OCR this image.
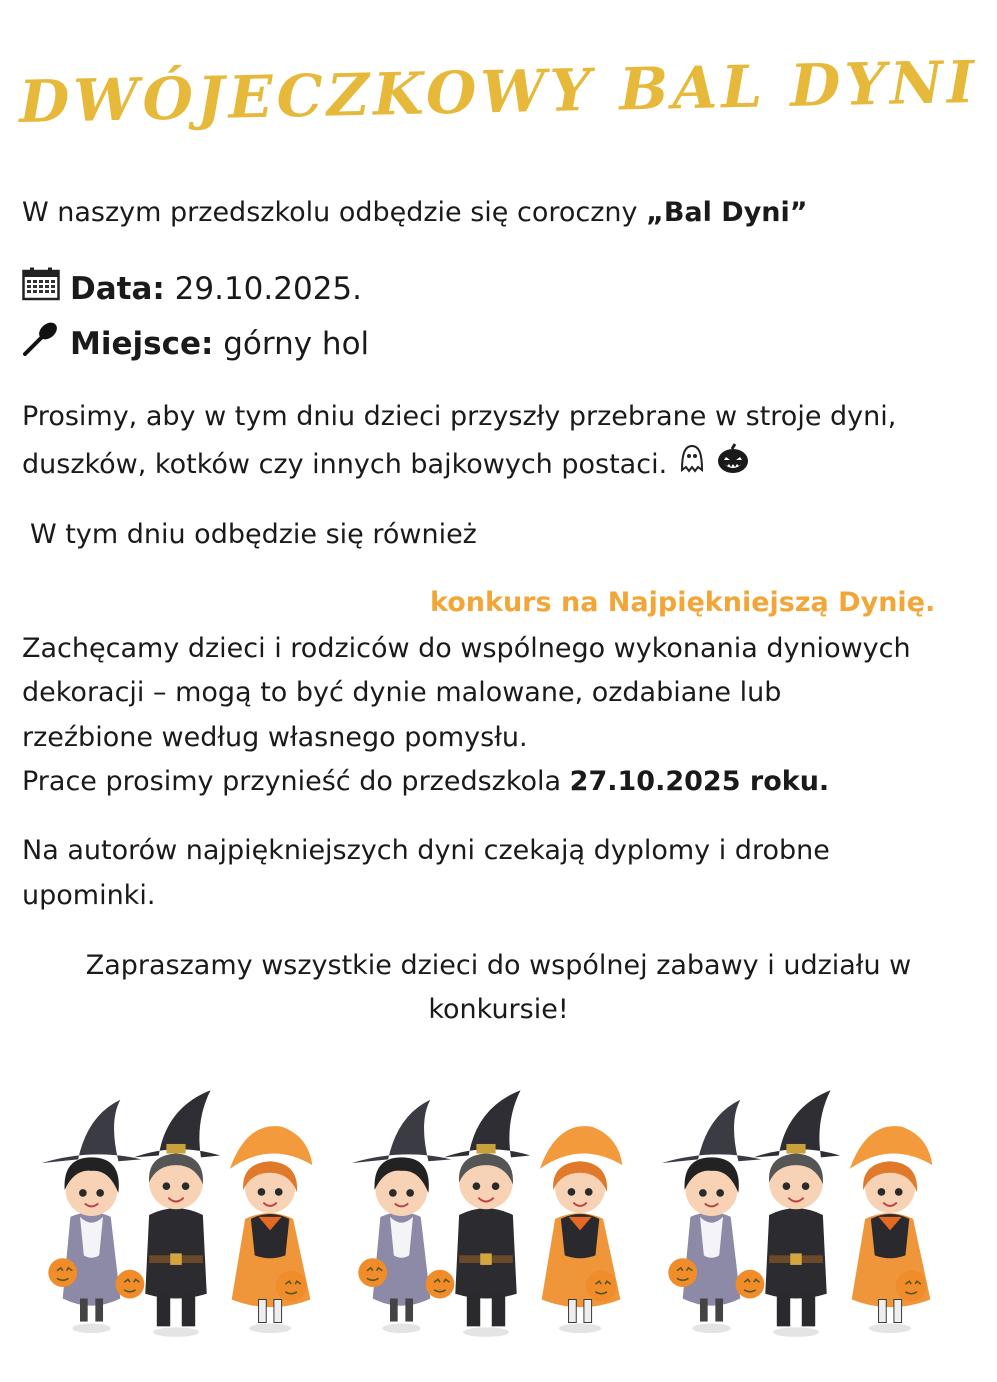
DWÓJECZKOWY BAL DYNI
W naszym przedszkolu odbędzie się coroczny „Bal Dyni”
Data: 29.10.2025.
Miejsce: górny hol
Prosimy, aby w tym dniu dzieci przyszły przebrane w stroje dyni,
duszków, kotków czy innych bajkowych postaci.
W tym dniu odbędzie się również
konkurs na Najpiękniejszą Dynię.
Zachęcamy dzieci i rodziców do wspólnego wykonania dyniowych
dekoracji – mogą to być dynie malowane, ozdabiane lub
rzeźbione według własnego pomysłu.
Prace prosimy przynieść do przedszkola 27.10.2025 roku.
Na autorów najpiękniejszych dyni czekają dyplomy i drobne
upominki.
Zapraszamy wszystkie dzieci do wspólnej zabawy i udziału w
konkursie!
